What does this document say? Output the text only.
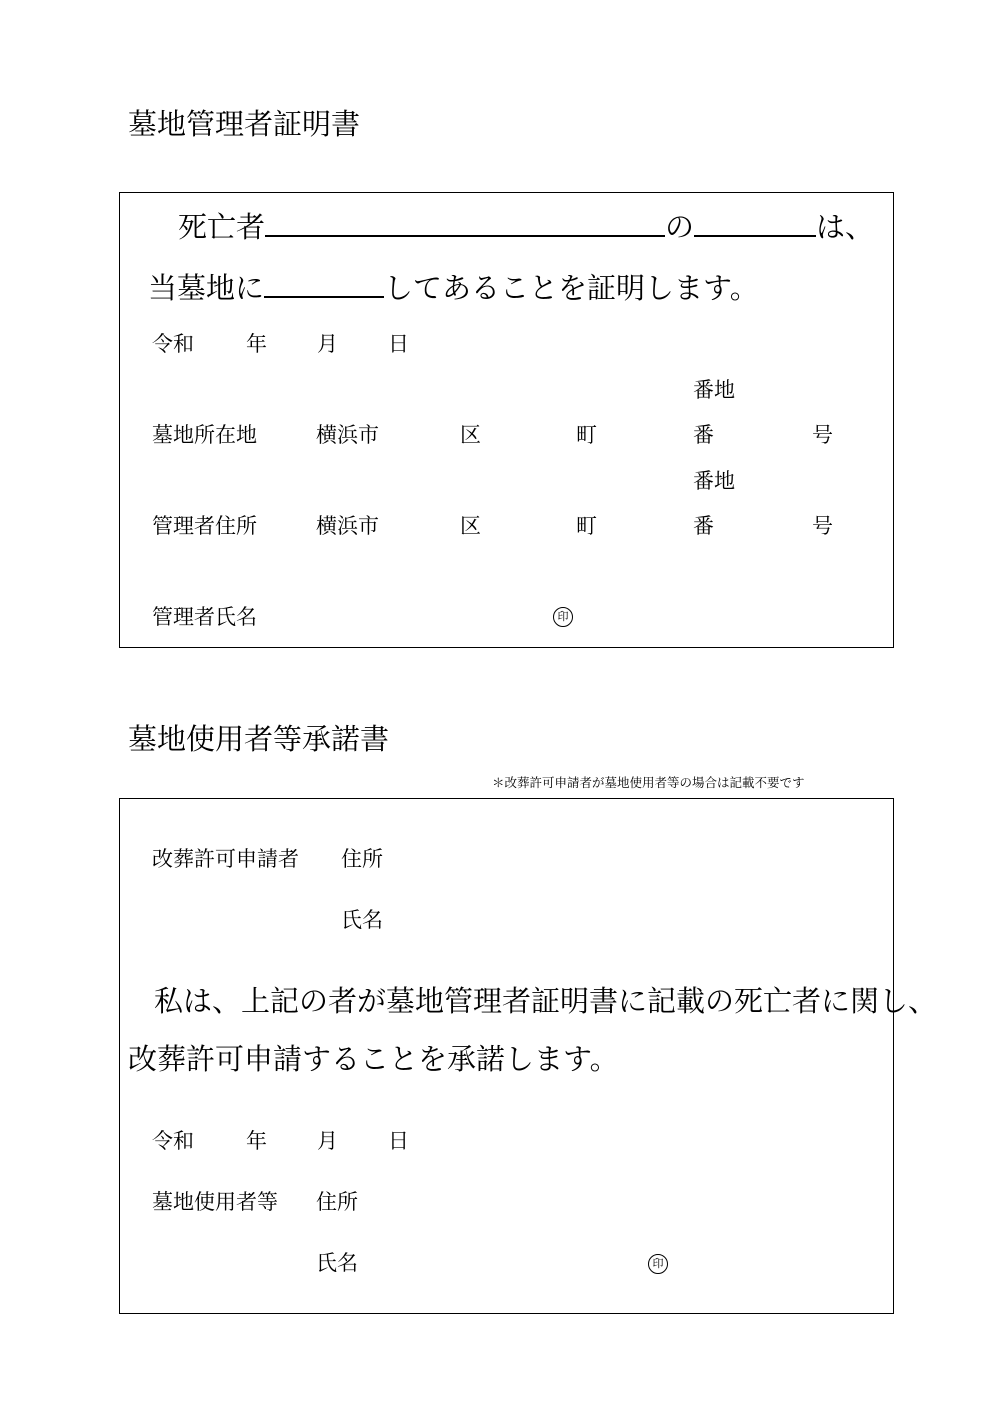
墓地管理者証明書
死亡者	の	は、
当墓地に	してあることを証明します。
令和 年 月 日
番地
墓地所在地	横浜市	区	町	番	号
番地
管理者住所	横浜市	区	町	番	号
管理者氏名	印
墓地使用者等承諾書
＊改葬許可申請者が墓地使用者等の場合は記載不要です
改葬許可申請者 住所
氏名
私は、上記の者が墓地管理者証明書に記載の死亡者に関し、
改葬許可申請することを承諾します。
令和 年 月 日
墓地使用者等 住所
氏名	印
